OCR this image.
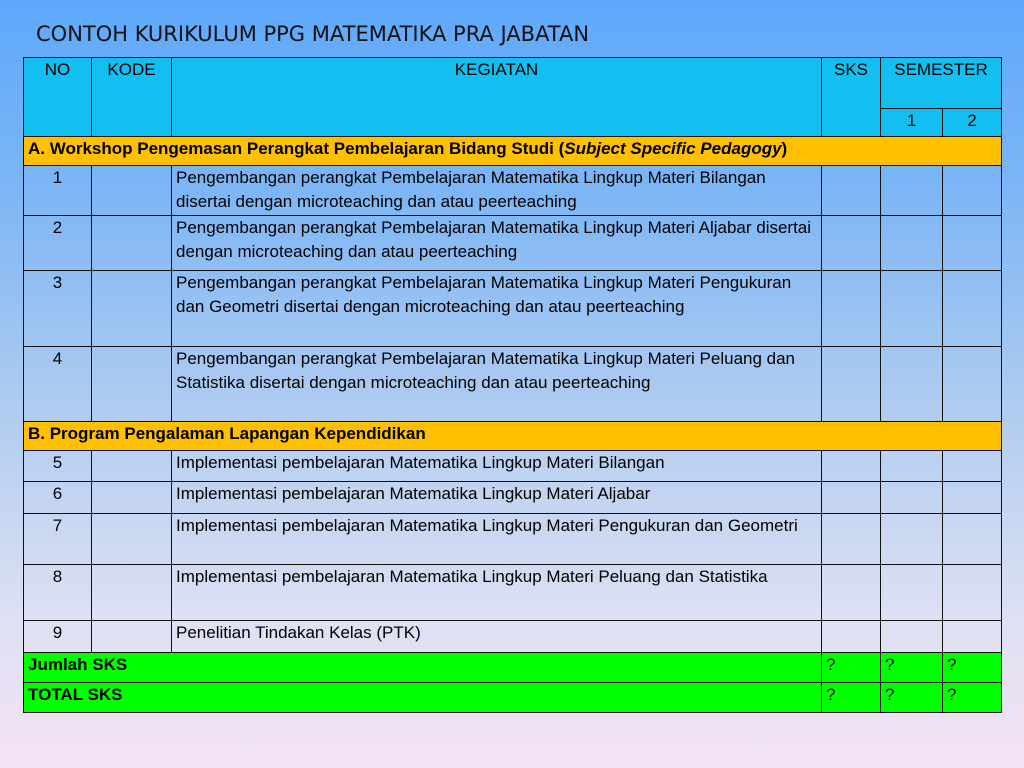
CONTOH KURIKULUM PPG MATEMATIKA PRA JABATAN
NO	KODE	KEGIATAN	SKS	SEMESTER	
				1	2
A. Workshop Pengemasan Perangkat Pembelajaran Bidang Studi (Subject Specific Pedagogy)					
1		Pengembangan perangkat Pembelajaran Matematika Lingkup Materi Bilangan disertai dengan microteaching dan atau peerteaching			
2		Pengembangan perangkat Pembelajaran Matematika Lingkup Materi Aljabar disertai dengan microteaching dan atau peerteaching			
3		Pengembangan perangkat Pembelajaran Matematika Lingkup Materi Pengukuran dan Geometri disertai dengan microteaching dan atau peerteaching			
4		Pengembangan perangkat Pembelajaran Matematika Lingkup Materi Peluang dan Statistika disertai dengan microteaching dan atau peerteaching			
B. Program Pengalaman Lapangan Kependidikan					
5		Implementasi pembelajaran Matematika Lingkup Materi Bilangan			
6		Implementasi pembelajaran Matematika Lingkup Materi Aljabar			
7		Implementasi pembelajaran Matematika Lingkup Materi Pengukuran dan Geometri			
8		Implementasi pembelajaran Matematika Lingkup Materi Peluang dan Statistika			
9		Penelitian Tindakan Kelas (PTK)			
Jumlah SKS			?	?	?
TOTAL SKS			?	?	?
